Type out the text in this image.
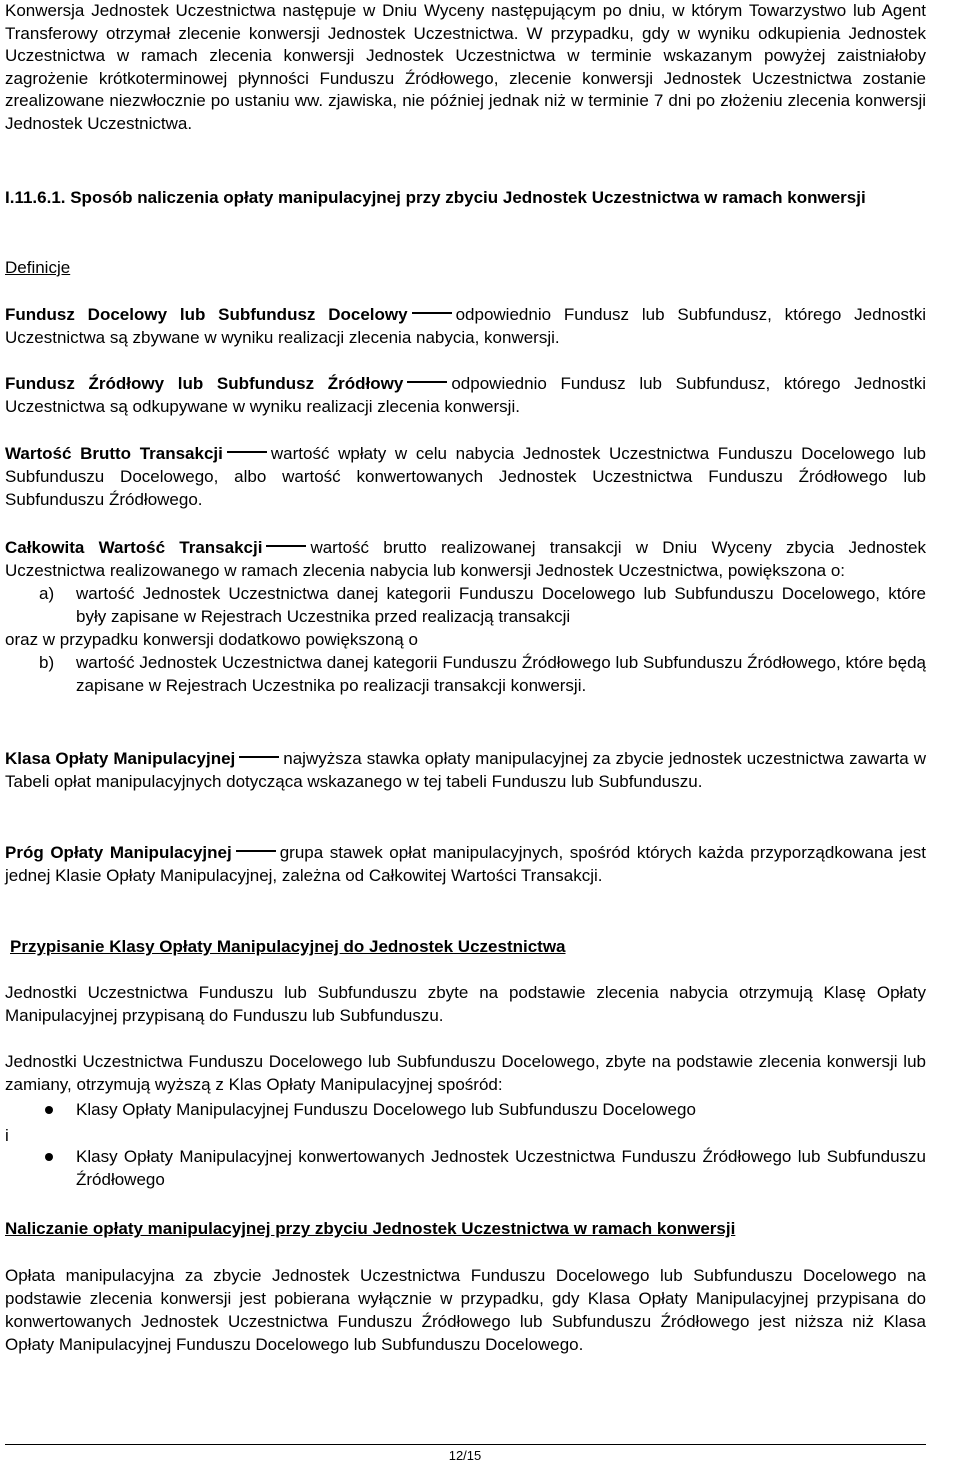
Konwersja Jednostek Uczestnictwa następuje w Dniu Wyceny następującym po dniu, w którym Towarzystwo lub Agent Transferowy otrzymał zlecenie konwersji Jednostek Uczestnictwa. W przypadku, gdy w wyniku odkupienia Jednostek Uczestnictwa w ramach zlecenia konwersji Jednostek Uczestnictwa w terminie wskazanym powyżej zaistniałoby zagrożenie krótkoterminowej płynności Funduszu Źródłowego, zlecenie konwersji Jednostek Uczestnictwa zostanie zrealizowane niezwłocznie po ustaniu ww. zjawiska, nie później jednak niż w terminie 7 dni po złożeniu zlecenia konwersji Jednostek Uczestnictwa.

I.11.6.1. Sposób naliczenia opłaty manipulacyjnej przy zbyciu Jednostek Uczestnictwa w ramach konwersji

Definicje

Fundusz Docelowy lub Subfundusz Docelowy	odpowiednio Fundusz lub Subfundusz, którego Jednostki Uczestnictwa są zbywane w wyniku realizacji zlecenia nabycia, konwersji.

Fundusz Źródłowy lub Subfundusz Źródłowy	odpowiednio Fundusz lub Subfundusz, którego Jednostki Uczestnictwa są odkupywane w wyniku realizacji zlecenia konwersji.

Wartość Brutto Transakcji	wartość wpłaty w celu nabycia Jednostek Uczestnictwa Funduszu Docelowego lub Subfunduszu Docelowego, albo wartość konwertowanych Jednostek Uczestnictwa Funduszu Źródłowego lub Subfunduszu Źródłowego.

Całkowita Wartość Transakcji	wartość brutto realizowanej transakcji w Dniu Wyceny zbycia Jednostek Uczestnictwa realizowanego w ramach zlecenia nabycia lub konwersji Jednostek Uczestnictwa, powiększona o:

a) wartość Jednostek Uczestnictwa danej kategorii Funduszu Docelowego lub Subfunduszu Docelowego, które były zapisane w Rejestrach Uczestnika przed realizacją transakcji

oraz w przypadku konwersji dodatkowo powiększoną o

b) wartość Jednostek Uczestnictwa danej kategorii Funduszu Źródłowego lub Subfunduszu Źródłowego, które będą zapisane w Rejestrach Uczestnika po realizacji transakcji konwersji.

Klasa Opłaty Manipulacyjnej	najwyższa stawka opłaty manipulacyjnej za zbycie jednostek uczestnictwa zawarta w Tabeli opłat manipulacyjnych dotycząca wskazanego w tej tabeli Funduszu lub Subfunduszu.

Próg Opłaty Manipulacyjnej	grupa stawek opłat manipulacyjnych, spośród których każda przyporządkowana jest jednej Klasie Opłaty Manipulacyjnej, zależna od Całkowitej Wartości Transakcji.

Przypisanie Klasy Opłaty Manipulacyjnej do Jednostek Uczestnictwa

Jednostki Uczestnictwa Funduszu lub Subfunduszu zbyte na podstawie zlecenia nabycia otrzymują Klasę Opłaty Manipulacyjnej przypisaną do Funduszu lub Subfunduszu.

Jednostki Uczestnictwa Funduszu Docelowego lub Subfunduszu Docelowego, zbyte na podstawie zlecenia konwersji lub zamiany, otrzymują wyższą z Klas Opłaty Manipulacyjnej spośród:

Klasy Opłaty Manipulacyjnej Funduszu Docelowego lub Subfunduszu Docelowego

i

Klasy Opłaty Manipulacyjnej konwertowanych Jednostek Uczestnictwa Funduszu Źródłowego lub Subfunduszu Źródłowego

Naliczanie opłaty manipulacyjnej przy zbyciu Jednostek Uczestnictwa w ramach konwersji

Opłata manipulacyjna za zbycie Jednostek Uczestnictwa Funduszu Docelowego lub Subfunduszu Docelowego na podstawie zlecenia konwersji jest pobierana wyłącznie w przypadku, gdy Klasa Opłaty Manipulacyjnej przypisana do konwertowanych Jednostek Uczestnictwa Funduszu Źródłowego lub Subfunduszu Źródłowego jest niższa niż Klasa Opłaty Manipulacyjnej Funduszu Docelowego lub Subfunduszu Docelowego.

12/15
